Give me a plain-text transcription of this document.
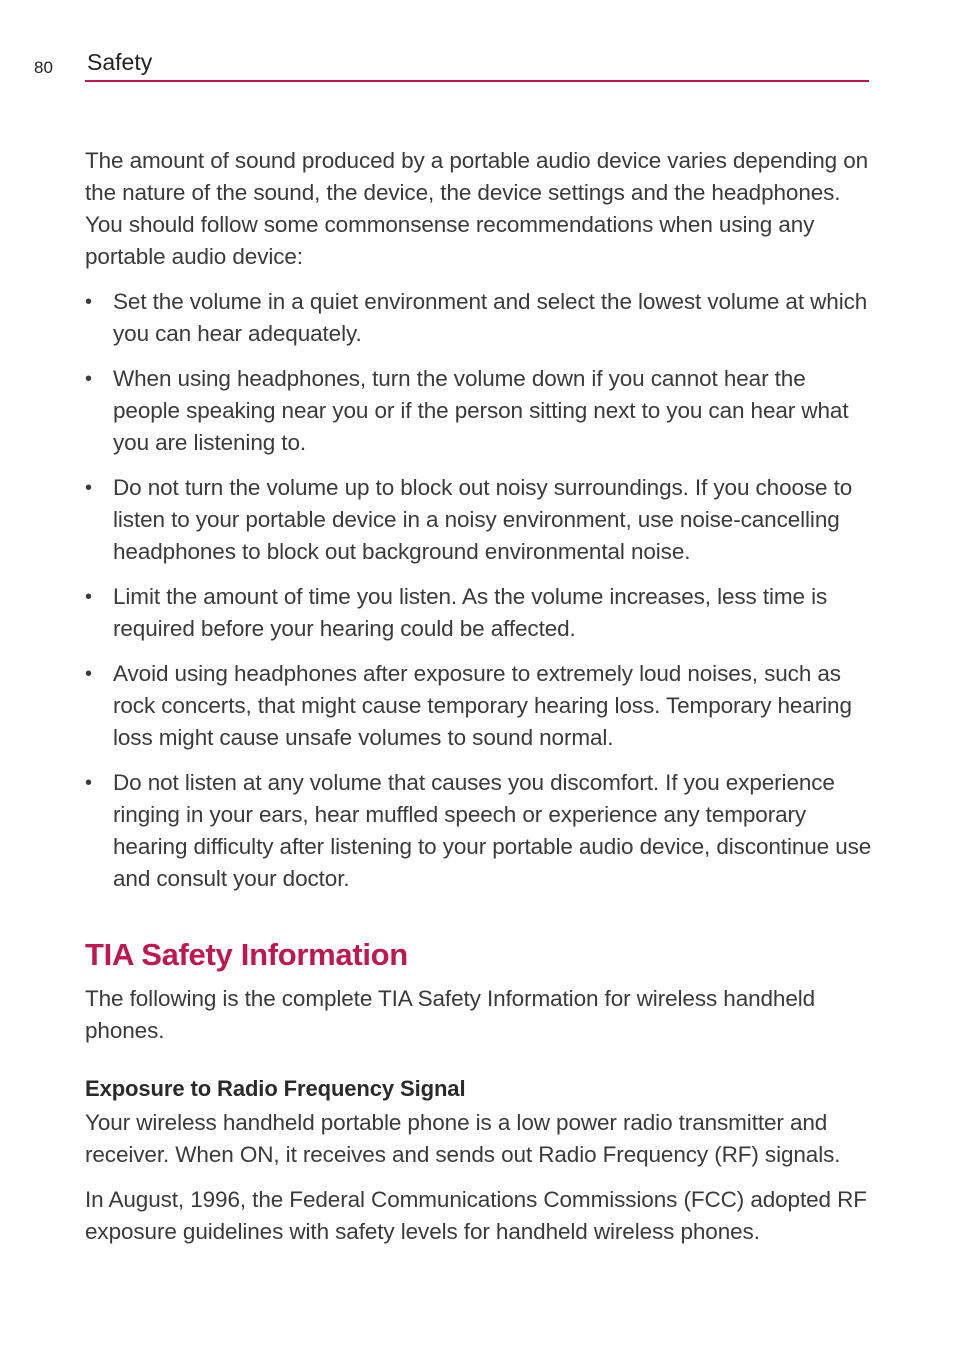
80 Safety

The amount of sound produced by a portable audio device varies depending on the nature of the sound, the device, the device settings and the headphones. You should follow some commonsense recommendations when using any portable audio device:

• Set the volume in a quiet environment and select the lowest volume at which you can hear adequately.
• When using headphones, turn the volume down if you cannot hear the people speaking near you or if the person sitting next to you can hear what you are listening to.
• Do not turn the volume up to block out noisy surroundings. If you choose to listen to your portable device in a noisy environment, use noise-cancelling headphones to block out background environmental noise.
• Limit the amount of time you listen. As the volume increases, less time is required before your hearing could be affected.
• Avoid using headphones after exposure to extremely loud noises, such as rock concerts, that might cause temporary hearing loss. Temporary hearing loss might cause unsafe volumes to sound normal.
• Do not listen at any volume that causes you discomfort. If you experience ringing in your ears, hear muffled speech or experience any temporary hearing difficulty after listening to your portable audio device, discontinue use and consult your doctor.
TIA Safety Information

The following is the complete TIA Safety Information for wireless handheld phones.

Exposure to Radio Frequency Signal

Your wireless handheld portable phone is a low power radio transmitter and receiver. When ON, it receives and sends out Radio Frequency (RF) signals.

In August, 1996, the Federal Communications Commissions (FCC) adopted RF exposure guidelines with safety levels for handheld wireless phones.
